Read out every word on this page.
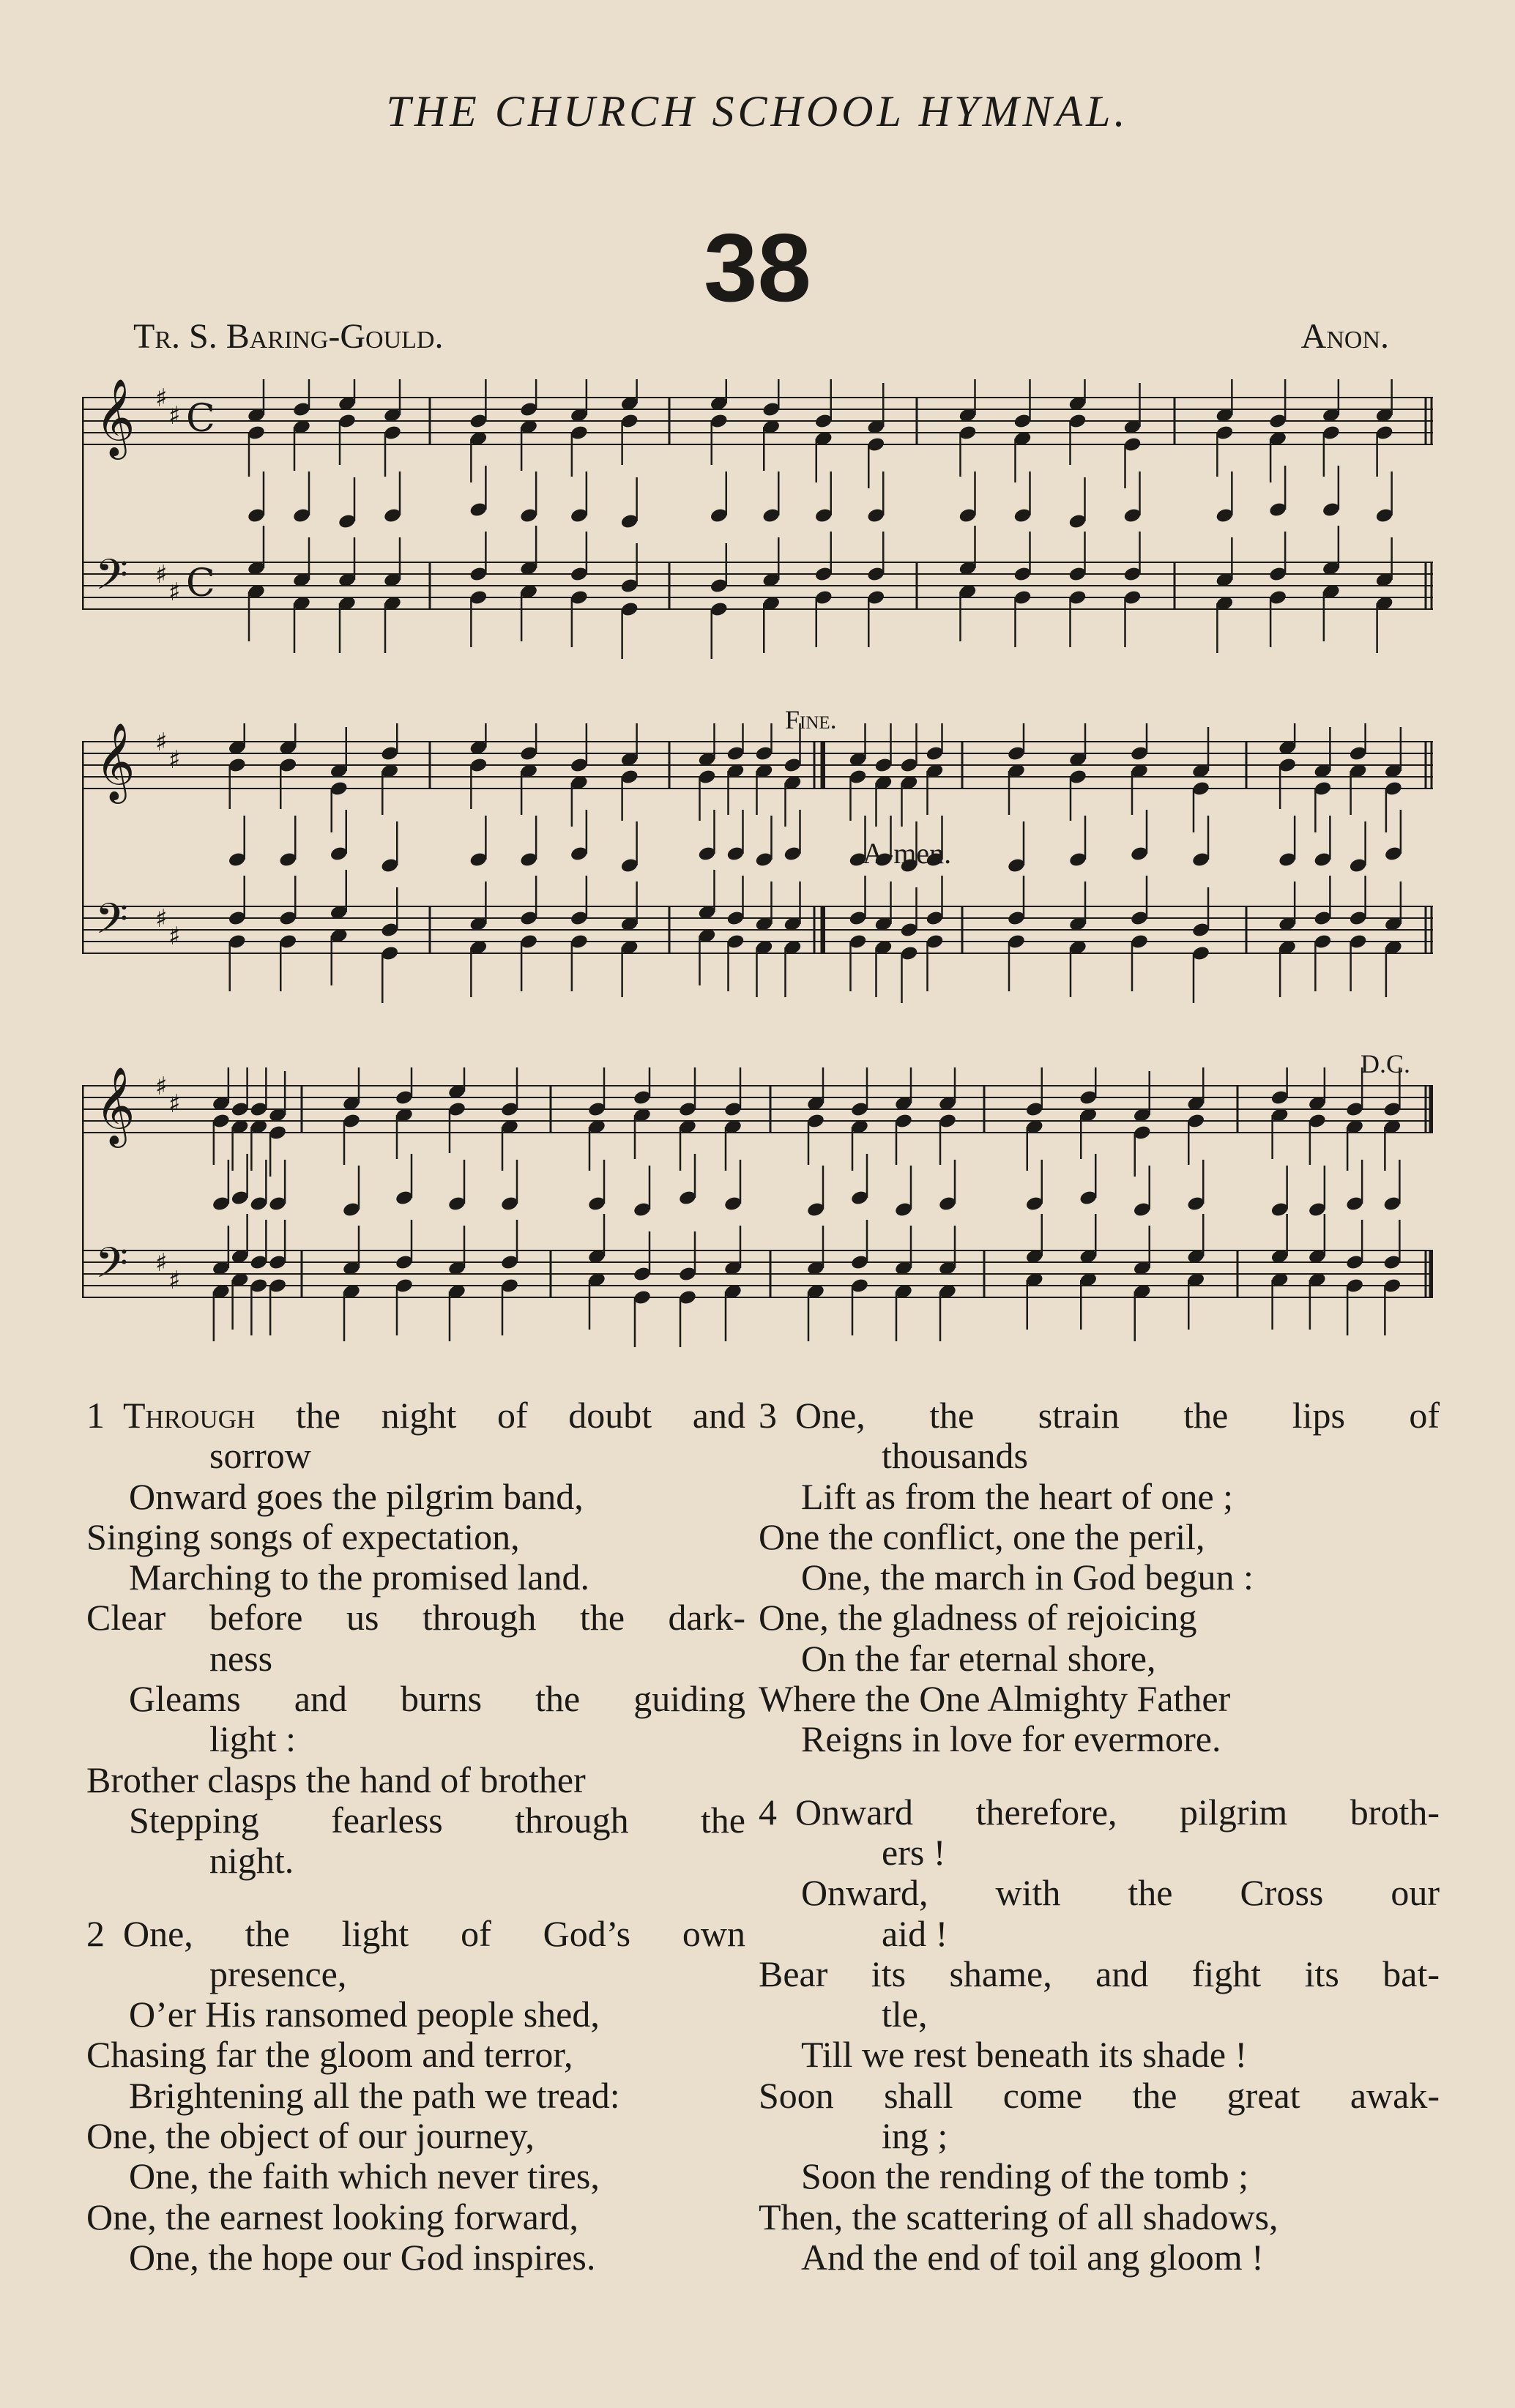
THE CHURCH SCHOOL HYMNAL.
38
Tr. S. Baring-Gould.	Anon.
𝄞
𝄢
♯
♯
♯
♯
C
C
𝄞
𝄢
♯
♯
♯
♯
𝄞
𝄢
♯
♯
♯
♯
Fine.
A-men.
D.C.
1 Through the night of doubt and
sorrow
Onward goes the pilgrim band,
Singing songs of expectation,
Marching to the promised land.
Clear before us through the dark-
ness
Gleams and burns the guiding
light :
Brother clasps the hand of brother
Stepping fearless through the
night.
2 One, the light of God’s own
presence,
O’er His ransomed people shed,
Chasing far the gloom and terror,
Brightening all the path we tread:
One, the object of our journey,
One, the faith which never tires,
One, the earnest looking forward,
One, the hope our God inspires.
3 One, the strain the lips of
thousands
Lift as from the heart of one ;
One the conflict, one the peril,
One, the march in God begun :
One, the gladness of rejoicing
On the far eternal shore,
Where the One Almighty Father
Reigns in love for evermore.
4 Onward therefore, pilgrim broth-
ers !
Onward, with the Cross our
aid !
Bear its shame, and fight its bat-
tle,
Till we rest beneath its shade !
Soon shall come the great awak-
ing ;
Soon the rending of the tomb ;
Then, the scattering of all shadows,
And the end of toil ang gloom !
